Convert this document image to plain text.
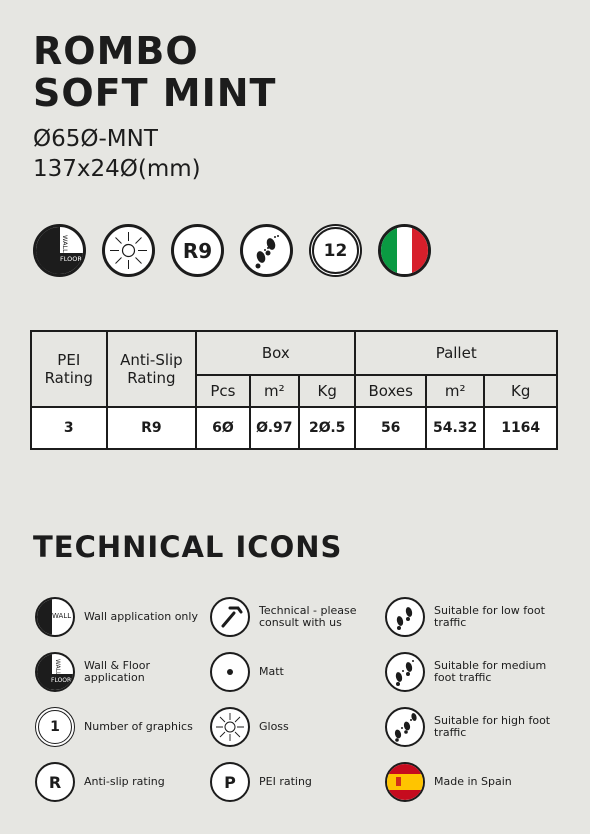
ROMBO
SOFT MINT
Ø65Ø-MNT
137x24Ø(mm)
WALL
FLOOR	R9	12
PEI Rating	Anti-Slip Rating	Box			Pallet		
		Pcs	m²	Kg	Boxes	m²	Kg
3	R9	6Ø	Ø.97	2Ø.5	56	54.32	1164
TECHNICAL ICONS
WALL Wall application only	Technical - please consult with us
Suitable for low foot traffic
WALL
FLOOR
Wall & Floor application	Matt	Suitable for medium foot traffic
1 Number of graphics	Gloss	Suitable for high foot traffic
R Anti-slip rating	P PEI rating	Made in Spain
